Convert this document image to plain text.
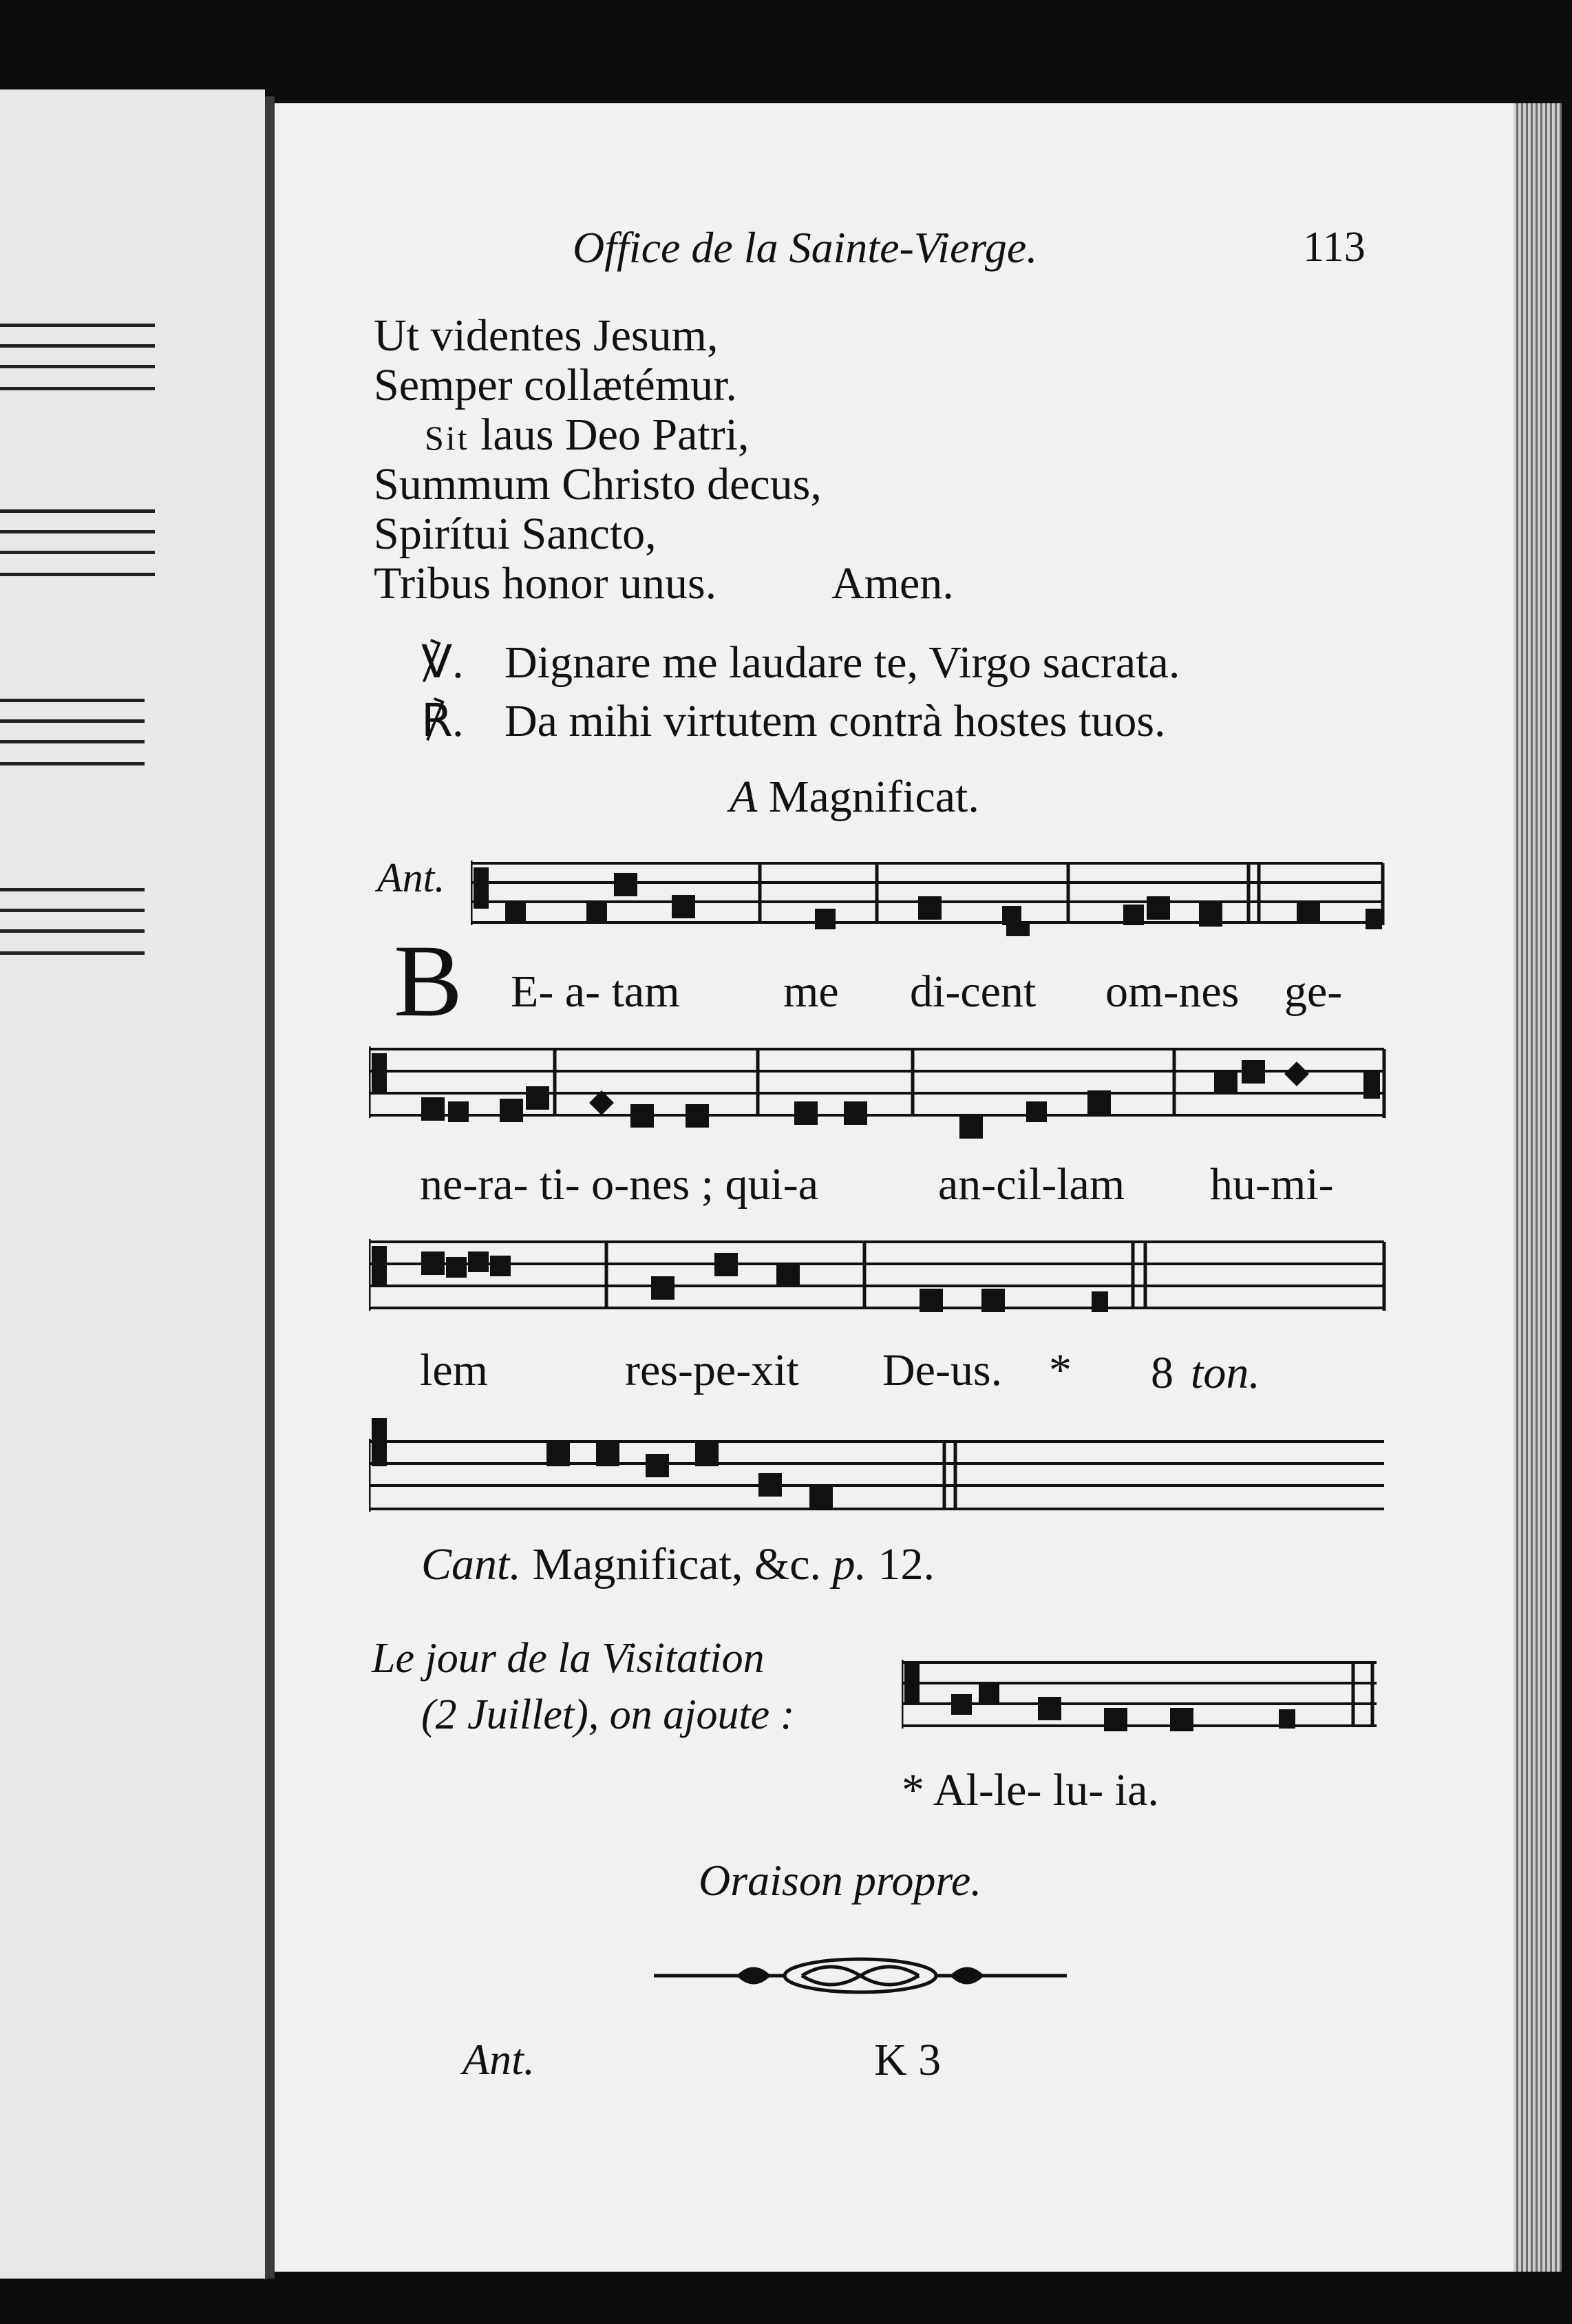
Office de la Sainte-Vierge.	113
Ut videntes Jesum,
Semper collætémur.
Sit laus Deo Patri,
Summum Christo decus,
Spirítui Sancto,
Tribus honor unus.	Amen.
℣. Dignare me laudare te, Virgo sacrata.
℟. Da mihi virtutem contrà hostes tuos.
A Magnificat.
Ant.
B E- a- tam me di-cent om-nes ge-
ne-ra- ti- o-nes ; qui-a	an-cil-lam hu-mi-
lem	res-pe-xit De-us. * 8 ton.
Cant. Magnificat, &c. p. 12.
Le jour de la Visitation
(2 Juillet), on ajoute :
* Al-le- lu- ia.
Oraison propre.
Ant.	K 3
